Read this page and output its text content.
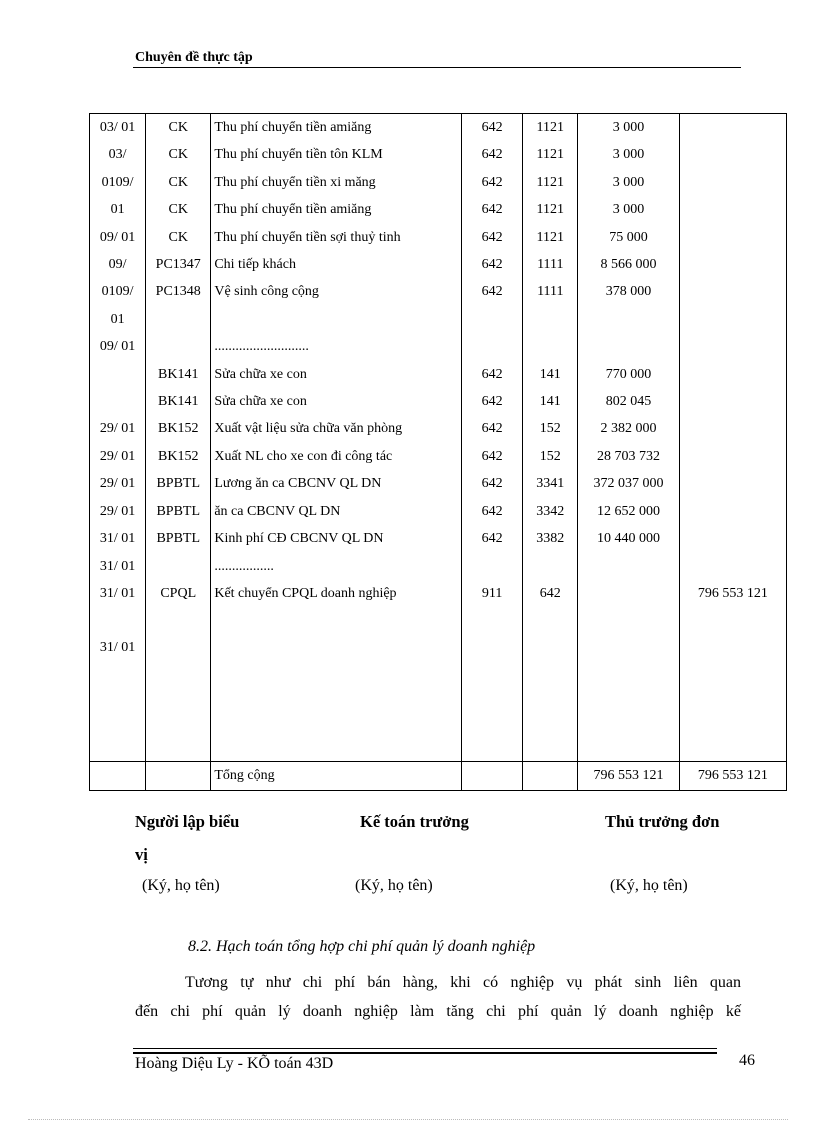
Chuyên đề thực tập
03/ 01	CK	Thu phí chuyển tiền amiăng	642	1121	3 000	
03/	CK	Thu phí chuyển tiền tôn KLM	642	1121	3 000	
0109/	CK	Thu phí chuyển tiền xi măng	642	1121	3 000	
01	CK	Thu phí chuyển tiền amiăng	642	1121	3 000	
09/ 01	CK	Thu phí chuyển tiền sợi thuỷ tinh	642	1121	75 000	
09/	PC1347	Chi tiếp khách	642	1111	8 566 000	
0109/	PC1348	Vệ sinh công cộng	642	1111	378 000	
01						
09/ 01		...........................				
	BK141	Sửa chữa xe con	642	141	770 000	
	BK141	Sửa chữa xe con	642	141	802 045	
29/ 01	BK152	Xuất vật liệu sửa chữa văn phòng	642	152	2 382 000	
29/ 01	BK152	Xuất NL cho xe con đi công tác	642	152	28 703 732	
29/ 01	BPBTL	Lương ăn ca CBCNV QL DN	642	3341	372 037 000	
29/ 01	BPBTL	ăn ca CBCNV QL DN	642	3342	12 652 000	
31/ 01	BPBTL	Kinh phí CĐ CBCNV QL DN	642	3382	10 440 000	
31/ 01		.................				
31/ 01	CPQL	Kết chuyển CPQL doanh nghiệp	911	642		796 553 121

31/ 01						

		Tổng cộng			796 553 121	796 553 121
Người lập biểu
vị
Kế toán trưởng	Thủ trưởng đơn
(Ký, họ tên)	(Ký, họ tên)	(Ký, họ tên)
8.2. Hạch toán tổng hợp chi phí quản lý doanh nghiệp

Tương tự như chi phí bán hàng, khi có nghiệp vụ phát sinh liên quan

đến chi phí quản lý doanh nghiệp làm tăng chi phí quản lý doanh nghiệp kế

Hoàng Diệu Ly - KÕ toán 43D	46
